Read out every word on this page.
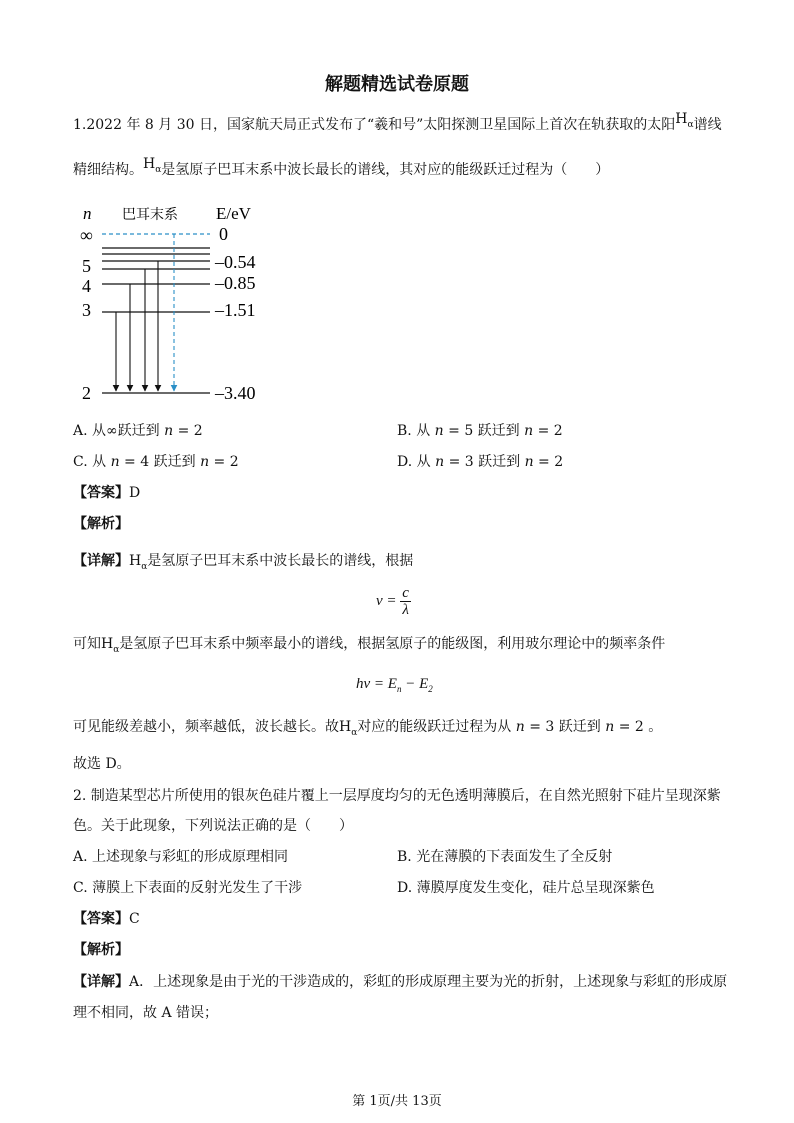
解题精选试卷原题
1.2022 年 8 月 30 日，国家航天局正式发布了“羲和号”太阳探测卫星国际上首次在轨获取的太阳$H_\alpha$谱线
精细结构。$H_\alpha$是氢原子巴耳末系中波长最长的谱线，其对应的能级跃迁过程为（　　）
n 巴耳末系 E/eV
∞
5
4
3
2
0
–0.54
–0.85
–1.51
–3.40
A. 从∞跃迁到 n = 2	B. 从 n = 5 跃迁到 n = 2
C. 从 n = 4 跃迁到 n = 2	D. 从 n = 3 跃迁到 n = 2
【答案】D
【解析】
【详解】$H_\alpha$是氢原子巴耳末系中波长最长的谱线，根据
$\nu = \frac{c}{\lambda}$
可知$H_\alpha$是氢原子巴耳末系中频率最小的谱线，根据氢原子的能级图，利用玻尔理论中的频率条件
$h\nu = E_n - E_2$
可见能级差越小，频率越低，波长越长。故$H_\alpha$对应的能级跃迁过程为从 n = 3 跃迁到 n = 2 。
故选 D。
2. 制造某型芯片所使用的银灰色硅片覆上一层厚度均匀的无色透明薄膜后，在自然光照射下硅片呈现深紫
色。关于此现象，下列说法正确的是（　　）
A. 上述现象与彩虹的形成原理相同	B. 光在薄膜的下表面发生了全反射
C. 薄膜上下表面的反射光发生了干涉	D. 薄膜厚度发生变化，硅片总呈现深紫色
【答案】C
【解析】
【详解】A．上述现象是由于光的干涉造成的，彩虹的形成原理主要为光的折射，上述现象与彩虹的形成原
理不相同，故 A 错误；
第 1页/共 13页
